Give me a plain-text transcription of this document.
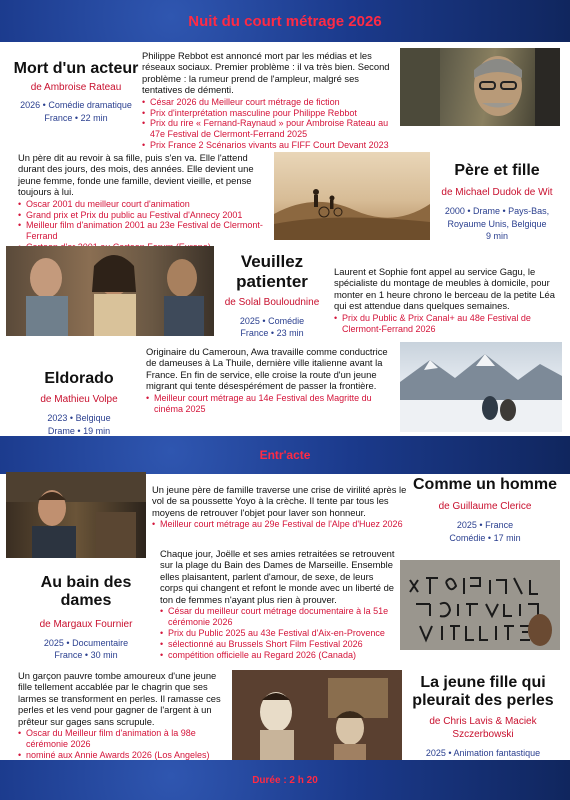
Nuit du court métrage 2026
Mort d'un acteur
de Ambroise Rateau
2026 • Comédie dramatique
France • 22 min
Philippe Rebbot est annoncé mort par les médias et les réseaux sociaux. Premier problème : il va très bien. Second problème : la rumeur prend de l'ampleur, malgré ses tentatives de démenti.
• César 2026 du Meilleur court métrage de fiction
• Prix d'interprétation masculine pour Philippe Rebbot
• Prix du rire « Fernand-Raynaud » pour Ambroise Rateau au 47e Festival de Clermont-Ferrand 2025
• Prix France 2 Scénarios vivants au FIFF Court Devant 2023
Un père dit au revoir à sa fille, puis s'en va. Elle l'attend durant des jours, des mois, des années. Elle devient une jeune femme, fonde une famille, devient vieille, et pense toujours à lui.
• Oscar 2001 du meilleur court d'animation
• Grand prix et Prix du public au Festival d'Annecy 2001
• Meilleur film d'animation 2001 au 23e Festival de Clermont-Ferrand
•
Père et fille
de Michael Dudok de Wit
2000 • Drame • Pays-Bas,
Royaume Unis, Belgique
9 min
Veuillez patienter
de Solal Bouloudnine
2025 • Comédie
France • 23 min
Laurent et Sophie font appel au service Gagu, le spécialiste du montage de meubles à domicile, pour monter en 1 heure chrono le berceau de la petite Léa qui est attendue dans quelques semaines.
• Prix du Public & Prix Canal+ au 48e Festival de Clermont-Ferrand 2026
Eldorado
de Mathieu Volpe
2023 • Belgique
Drame • 19 min
Originaire du Cameroun, Awa travaille comme conductrice de dameuses à La Thuile, dernière ville italienne avant la France. En fin de service, elle croise la route d'un jeune migrant qui tente désespérément de passer la frontière.
• Meilleur court métrage au 14e Festival des Magritte du cinéma 2025
Entr'acte
Un jeune père de famille traverse une crise de virilité après le vol de sa poussette Yoyo à la crèche. Il tente par tous les moyens de retrouver l'objet pour laver son honneur.
• Meilleur court métrage au 29e Festival de l'Alpe d'Huez 2026
Comme un homme
de Guillaume Clerice
2025 • France
Comédie • 17 min
Au bain des dames
de Margaux Fournier
2025 • Documentaire
France • 30 min
Chaque jour, Joëlle et ses amies retraitées se retrouvent sur la plage du Bain des Dames de Marseille. Ensemble elles plaisantent, parlent d'amour, de sexe, de leurs corps qui changent et refont le monde avec un liberté de ton de femmes n'ayant plus rien à prouver.
• César du meilleur court métrage documentaire à la 51e cérémonie 2026
• Prix du Public 2025 au 43e Festival d'Aix-en-Provence
• sélectionné au Brussels Short Film Festival 2026
• compétition officielle au Regard 2026 (Canada)
Un garçon pauvre tombe amoureux d'une jeune fille tellement accablée par le chagrin que ses larmes se transforment en perles. Il ramasse ces perles et les vend pour gagner de l'argent à un prêteur sur gages sans scrupule.
• Oscar du Meilleur film d'animation à la 98e cérémonie 2026
• nominé aux Annie Awards 2026 (Los Angeles)
La jeune fille qui pleurait des perles
de Chris Lavis & Maciek Szczerbowski
2025 • Animation fantastique
Durée : 2 h 20
